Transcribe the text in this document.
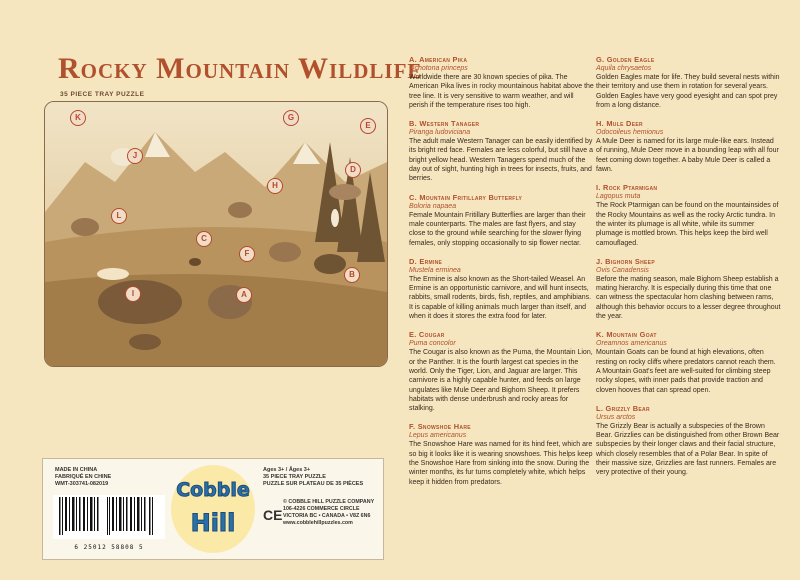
Rocky Mountain Wildlife
35 PIECE TRAY PUZZLE
K	G
E
J
H
D
L
C
F
B
A
I
A. American Pika
Ochotona princeps

Worldwide there are 30 known species of pika. The American Pika lives in rocky mountainous habitat above the tree line. It is very sensitive to warm weather, and will perish if the temperature rises too high.

B. Western Tanager
Piranga ludoviciana

The adult male Western Tanager can be easily identified by its bright red face. Females are less colorful, but still have a bright yellow head. Western Tanagers spend much of the day out of sight, hunting high in trees for insects, fruits, and berries.

C. Mountain Fritillary Butterfly
Boloria napaea

Female Mountain Fritillary Butterflies are larger than their male counterparts. The males are fast flyers, and stay close to the ground while searching for the slower flying females, only stopping occasionally to sip flower nectar.

D. Ermine
Mustela erminea

The Ermine is also known as the Short-tailed Weasel. An Ermine is an opportunistic carnivore, and will hunt insects, rabbits, small rodents, birds, fish, reptiles, and amphibians. It is capable of killing animals much larger than itself, and when it does it stores the extra food for later.

E. Cougar
Puma concolor

The Cougar is also known as the Puma, the Mountain Lion, or the Panther. It is the fourth largest cat species in the world. Only the Tiger, Lion, and Jaguar are larger. This carnivore is a highly capable hunter, and feeds on large ungulates like Mule Deer and Bighorn Sheep. It prefers habitats with dense underbrush and rocky areas for stalking.

F. Snowshoe Hare
Lepus americanus

The Snowshoe Hare was named for its hind feet, which are so big it looks like it is wearing snowshoes. This helps keep the Snowshoe Hare from sinking into the snow. During the winter months, its fur turns completely white, which helps keep it hidden from predators.

G. Golden Eagle
Aquila chrysaetos

Golden Eagles mate for life. They build several nests within their territory and use them in rotation for several years. Golden Eagles have very good eyesight and can spot prey from a long distance.

H. Mule Deer
Odocoileus hemionus

A Mule Deer is named for its large mule-like ears. Instead of running, Mule Deer move in a bounding leap with all four feet coming down together. A baby Mule Deer is called a fawn.

I. Rock Ptarmigan
Lagopus muta

The Rock Ptarmigan can be found on the mountainsides of the Rocky Mountains as well as the rocky Arctic tundra. In the winter its plumage is all white, while its summer plumage is mottled brown. This helps keep the bird well camouflaged.

J. Bighorn Sheep
Ovis Canadensis

Before the mating season, male Bighorn Sheep establish a mating hierarchy. It is especially during this time that one can witness the spectacular horn clashing between rams, although this behavior occurs to a lesser degree throughout the year.

K. Mountain Goat
Oreamnos americanus

Mountain Goats can be found at high elevations, often resting on rocky cliffs where predators cannot reach them. A Mountain Goat's feet are well-suited for climbing steep rocky slopes, with inner pads that provide traction and cloven hooves that can spread open.

L. Grizzly Bear
Ursus arctos

The Grizzly Bear is actually a subspecies of the Brown Bear. Grizzlies can be distinguished from other Brown Bear subspecies by their longer claws and their facial structure, which closely resembles that of a Polar Bear. In spite of their massive size, Grizzlies are fast runners. Females are very protective of their young.

MADE IN CHINA
FABRIQUÉ EN CHINE
WMT-303741-082019
6 25012 58808 5
Cobble
Hill
Ages 3+ / Âges 3+
35 PIECE TRAY PUZZLE
PUZZLE SUR PLATEAU DE 35 PIÈCES
CE
© COBBLE HILL PUZZLE COMPANY
106-4226 COMMERCE CIRCLE
VICTORIA BC • CANADA • V8Z 6N6
www.cobblehillpuzzles.com
